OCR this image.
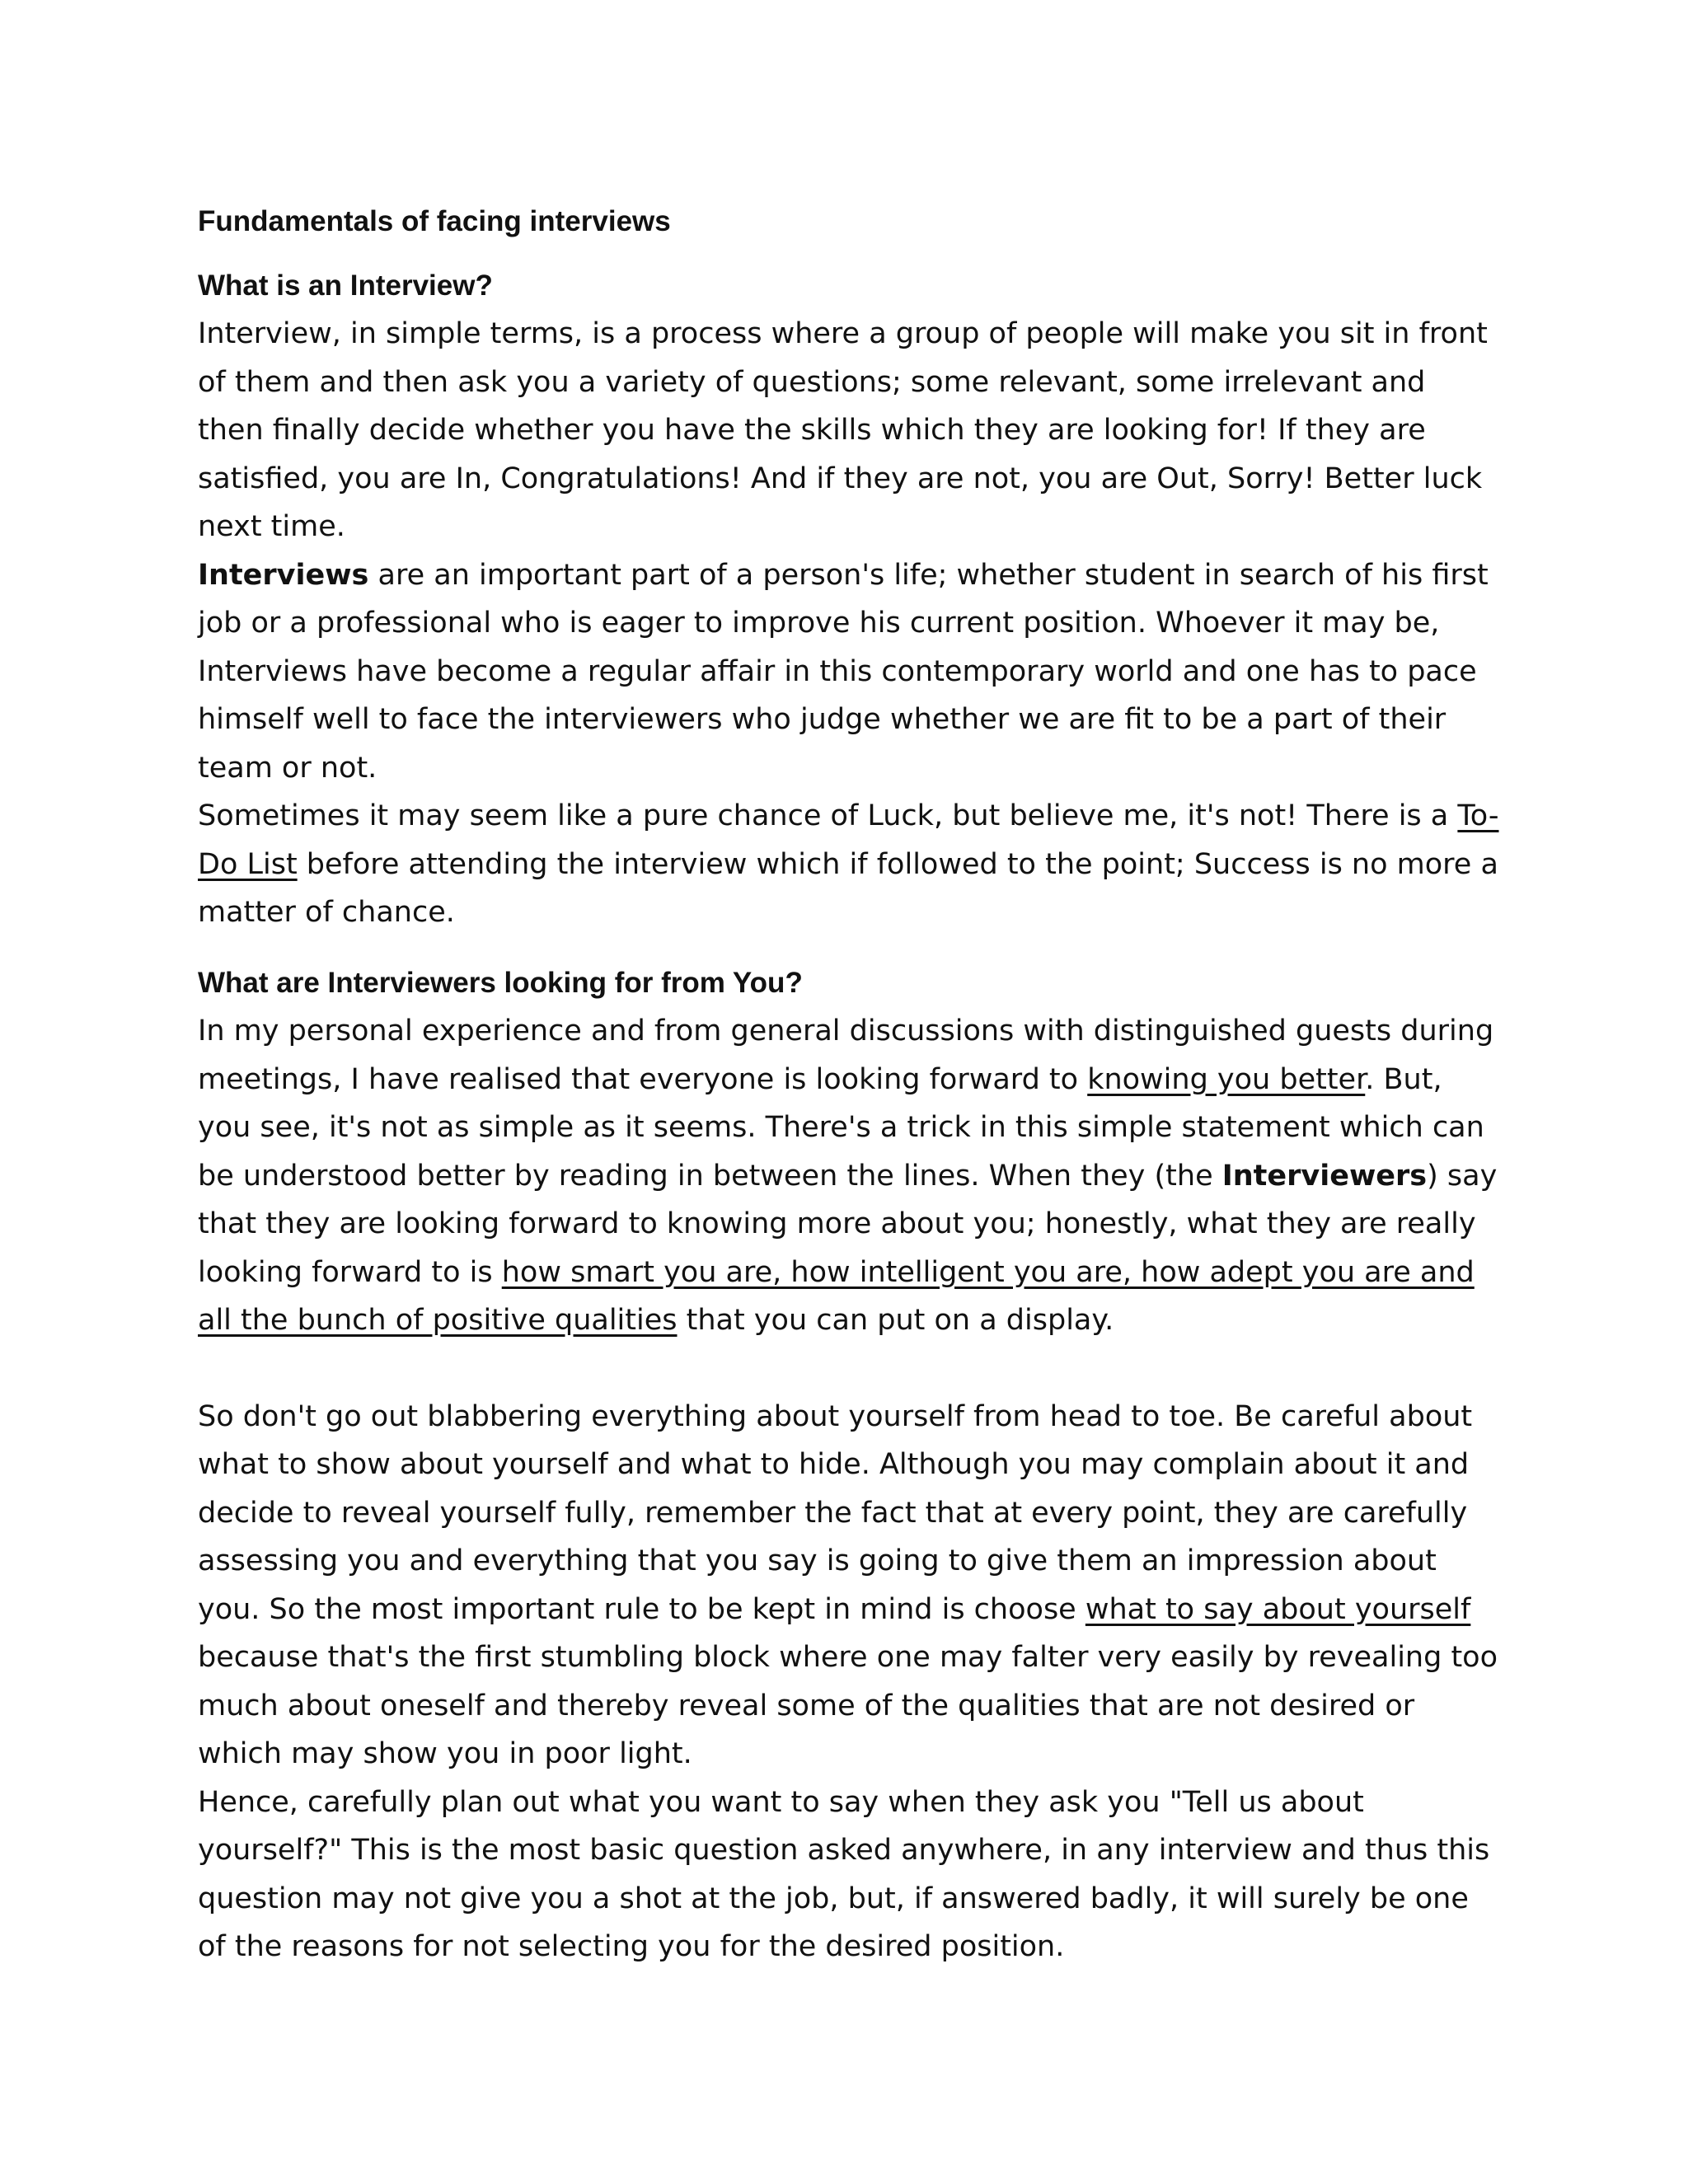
Fundamentals of facing interviews

What is an Interview?

Interview, in simple terms, is a process where a group of people will make you sit in front of them and then ask you a variety of questions; some relevant, some irrelevant and then finally decide whether you have the skills which they are looking for! If they are satisfied, you are In, Congratulations! And if they are not, you are Out, Sorry! Better luck next time.

Interviews are an important part of a person's life; whether student in search of his first job or a professional who is eager to improve his current position. Whoever it may be, Interviews have become a regular affair in this contemporary world and one has to pace himself well to face the interviewers who judge whether we are fit to be a part of their team or not.

Sometimes it may seem like a pure chance of Luck, but believe me, it's not! There is a To-Do List before attending the interview which if followed to the point; Success is no more a matter of chance.

What are Interviewers looking for from You?

In my personal experience and from general discussions with distinguished guests during meetings, I have realised that everyone is looking forward to knowing you better. But, you see, it's not as simple as it seems. There's a trick in this simple statement which can be understood better by reading in between the lines. When they (the Interviewers) say that they are looking forward to knowing more about you; honestly, what they are really looking forward to is how smart you are, how intelligent you are, how adept you are and all the bunch of positive qualities that you can put on a display.

So don't go out blabbering everything about yourself from head to toe. Be careful about what to show about yourself and what to hide. Although you may complain about it and decide to reveal yourself fully, remember the fact that at every point, they are carefully assessing you and everything that you say is going to give them an impression about you. So the most important rule to be kept in mind is choose what to say about yourself because that's the first stumbling block where one may falter very easily by revealing too much about oneself and thereby reveal some of the qualities that are not desired or which may show you in poor light.

Hence, carefully plan out what you want to say when they ask you "Tell us about yourself?" This is the most basic question asked anywhere, in any interview and thus this question may not give you a shot at the job, but, if answered badly, it will surely be one of the reasons for not selecting you for the desired position.
